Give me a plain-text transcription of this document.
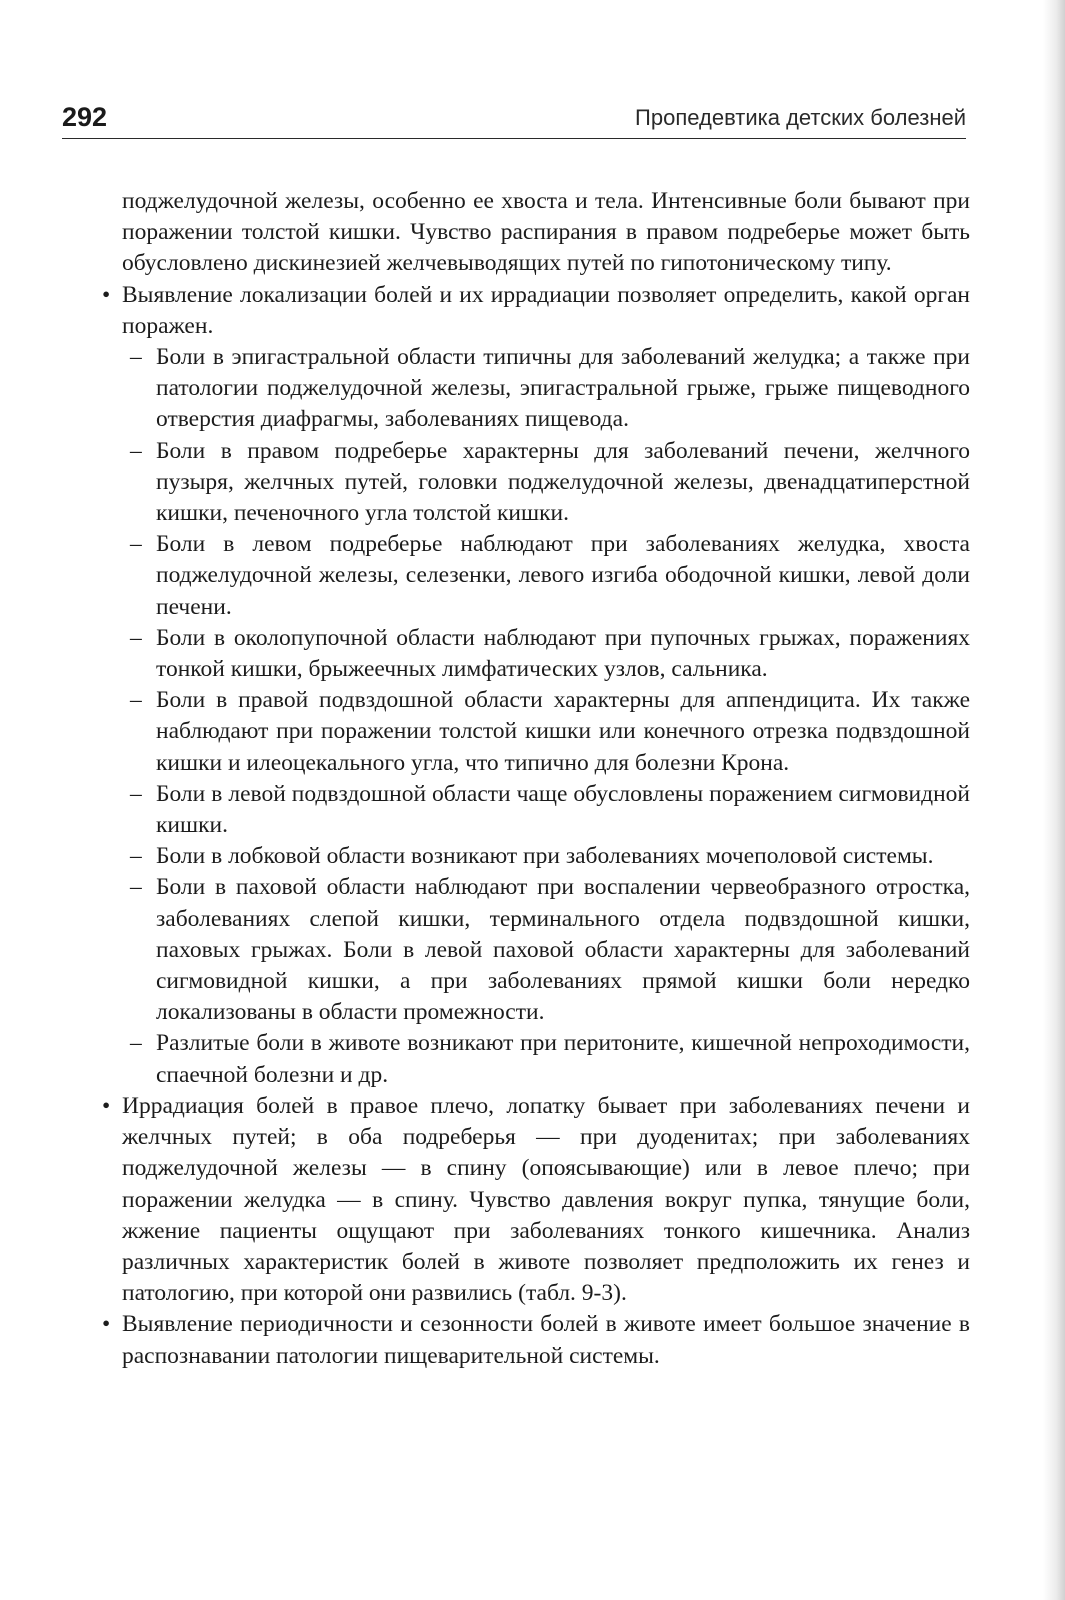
292	Пропедевтика детских болезней

поджелудочной железы, особенно ее хвоста и тела. Интенсивные боли бывают при поражении толстой кишки. Чувство распирания в правом подреберье может быть обусловлено дискинезией желчевыводящих путей по гипотоническому типу.

• Выявление локализации болей и их иррадиации позволяет определить, какой орган поражен.

– Боли в эпигастральной области типичны для заболеваний желудка; а также при патологии поджелудочной железы, эпигастральной грыже, грыже пищеводного отверстия диафрагмы, заболеваниях пищевода.

– Боли в правом подреберье характерны для заболеваний печени, желчного пузыря, желчных путей, головки поджелудочной железы, двенадцатиперстной кишки, печеночного угла толстой кишки.

– Боли в левом подреберье наблюдают при заболеваниях желудка, хвоста поджелудочной железы, селезенки, левого изгиба ободочной кишки, левой доли печени.

– Боли в околопупочной области наблюдают при пупочных грыжах, поражениях тонкой кишки, брыжеечных лимфатических узлов, сальника.

– Боли в правой подвздошной области характерны для аппендицита. Их также наблюдают при поражении толстой кишки или конечного отрезка подвздошной кишки и илеоцекального угла, что типично для болезни Крона.

– Боли в левой подвздошной области чаще обусловлены поражением сигмовидной кишки.

– Боли в лобковой области возникают при заболеваниях мочеполовой системы.

– Боли в паховой области наблюдают при воспалении червеобразного отростка, заболеваниях слепой кишки, терминального отдела подвздошной кишки, паховых грыжах. Боли в левой паховой области характерны для заболеваний сигмовидной кишки, а при заболеваниях прямой кишки боли нередко локализованы в области промежности.

– Разлитые боли в животе возникают при перитоните, кишечной непроходимости, спаечной болезни и др.

• Иррадиация болей в правое плечо, лопатку бывает при заболеваниях печени и желчных путей; в оба подреберья — при дуоденитах; при заболеваниях поджелудочной железы — в спину (опоясывающие) или в левое плечо; при поражении желудка — в спину. Чувство давления вокруг пупка, тянущие боли, жжение пациенты ощущают при заболеваниях тонкого кишечника. Анализ различных характеристик болей в животе позволяет предположить их генез и патологию, при которой они развились (табл. 9-3).

• Выявление периодичности и сезонности болей в животе имеет большое значение в распознавании патологии пищеварительной системы.
